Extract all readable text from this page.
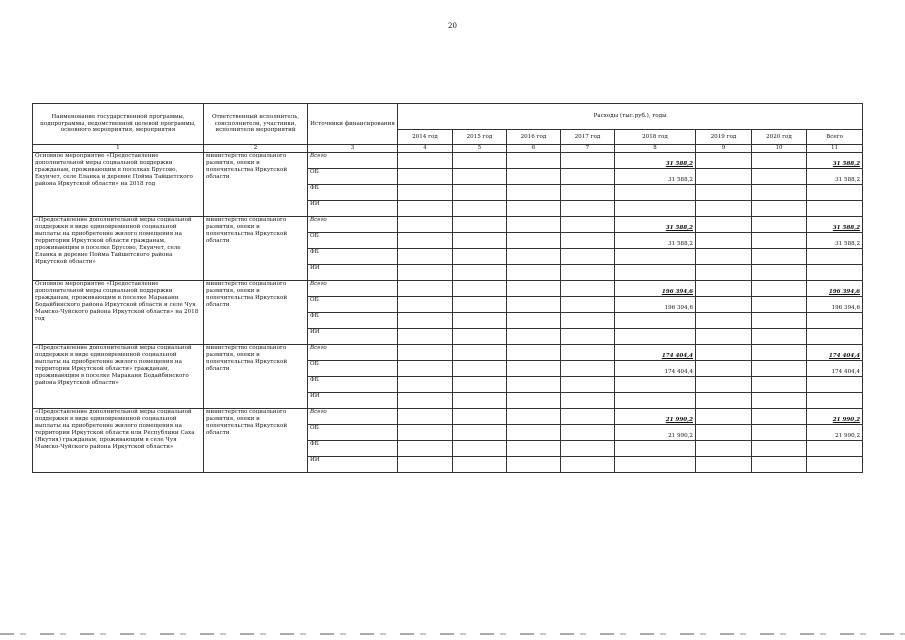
20
Наименование государственной программы, подпрограммы, ведомственной целевой программы, основного мероприятия, мероприятия	Ответственный исполнитель, соисполнители, участники, исполнители мероприятий	Источники финансирования	Расходы (тыс.руб.), годы							
			2014 год	2015 год	2016 год	2017 год	2018 год	2019 год	2020 год	Всего
1	2	3	4	5	6	7	8	9	10	11
Основное мероприятие «Предоставление дополнительной меры социальной поддержки гражданам, проживающим в поселках Брусово, Екунчет, селе Еланка и деревне Пойма Тайшетского района Иркутской области» на 2018 год	министерство социального развития, опеки и попечительства Иркутской области	Всего					31 588,2			31 588,2
		ОБ					31 588,2			31 588,2
		ФБ								
		ИИ								
«Предоставление дополнительной меры социальной поддержки в виде единовременной социальной выплаты на приобретение жилого помещения на территории Иркутской области гражданам, проживающим в поселке Брусово, Екунчет, селе Еланка и деревне Пойма Тайшетского района Иркутской области»	министерство социального развития, опеки и попечительства Иркутской области	Всего					31 588,2			31 588,2
		ОБ					31 588,2			31 588,2
		ФБ								
		ИИ								
Основное мероприятие «Предоставление дополнительной меры социальной поддержки гражданам, проживающим в поселке Мараканн Бодайбинского района Иркутской области и селе Чуя Мамско-Чуйского района Иркутской области» на 2018 год	министерство социального развития, опеки и попечительства Иркутской области	Всего					196 394,6			196 394,6
		ОБ					196 394,6			196 394,6
		ФБ								
		ИИ								
«Предоставление дополнительной меры социальной поддержки в виде единовременной социальной выплаты на приобретение жилого помещения на территории Иркутской области» гражданам, проживающим в поселке Мараканн Бодайбинского района Иркутской области»	министерство социального развития, опеки и попечительства Иркутской области	Всего					174 404,4			174 404,4
		ОБ					174 404,4			174 404,4
		ФБ								
		ИИ								
«Предоставление дополнительной меры социальной поддержки в виде единовременной социальной выплаты на приобретение жилого помещения на территории Иркутской области или Республики Саха (Якутия) гражданам, проживающим в селе Чуя Мамско-Чуйского района Иркутской области»	министерство социального развития, опеки и попечительства Иркутской области	Всего					21 990,2			21 990,2
		ОБ					21 990,2			21 990,2
		ФБ								
		ИИ								
